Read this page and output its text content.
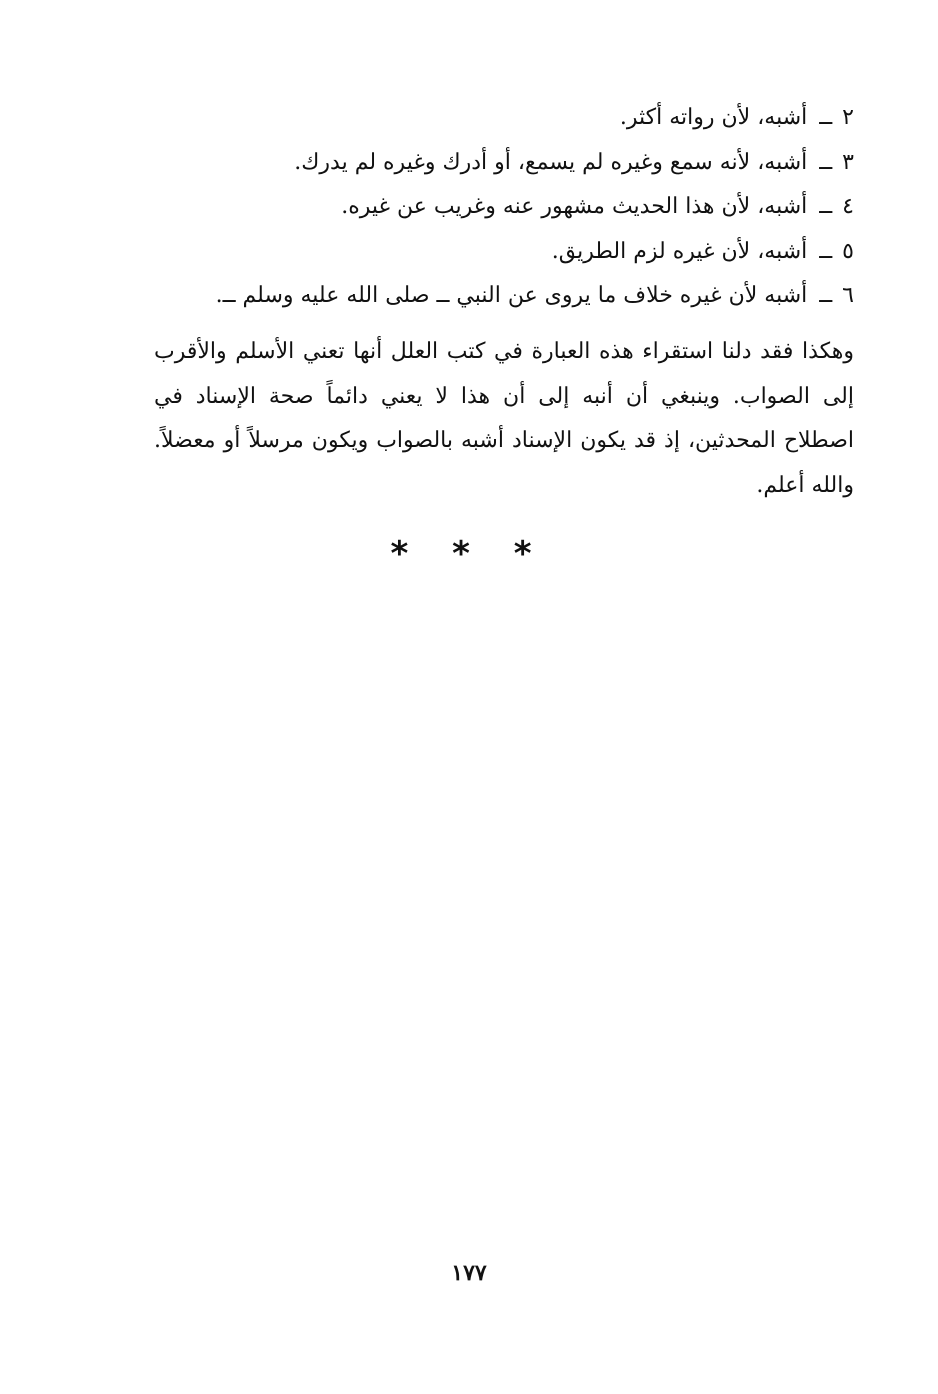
٢
ــ
أشبه، لأن رواته أكثر.
٣
ــ
أشبه، لأنه سمع وغيره لم يسمع، أو أدرك وغيره لم يدرك.
٤
ــ
أشبه، لأن هذا الحديث مشهور عنه وغريب عن غيره.
٥
ــ
أشبه، لأن غيره لزم الطريق.
٦
ــ
أشبه لأن غيره خلاف ما يروى عن النبي ــ صلى الله عليه وسلم ــ.

وهكذا فقد دلنا استقراء هذه العبارة في كتب العلل أنها تعني الأسلم والأقرب إلى الصواب. وينبغي أن أنبه إلى أن هذا لا يعني دائماً صحة الإسناد في اصطلاح المحدثين، إذ قد يكون الإسناد أشبه بالصواب ويكون مرسلاً أو معضلاً. والله أعلم.

* * *
١٧٧
